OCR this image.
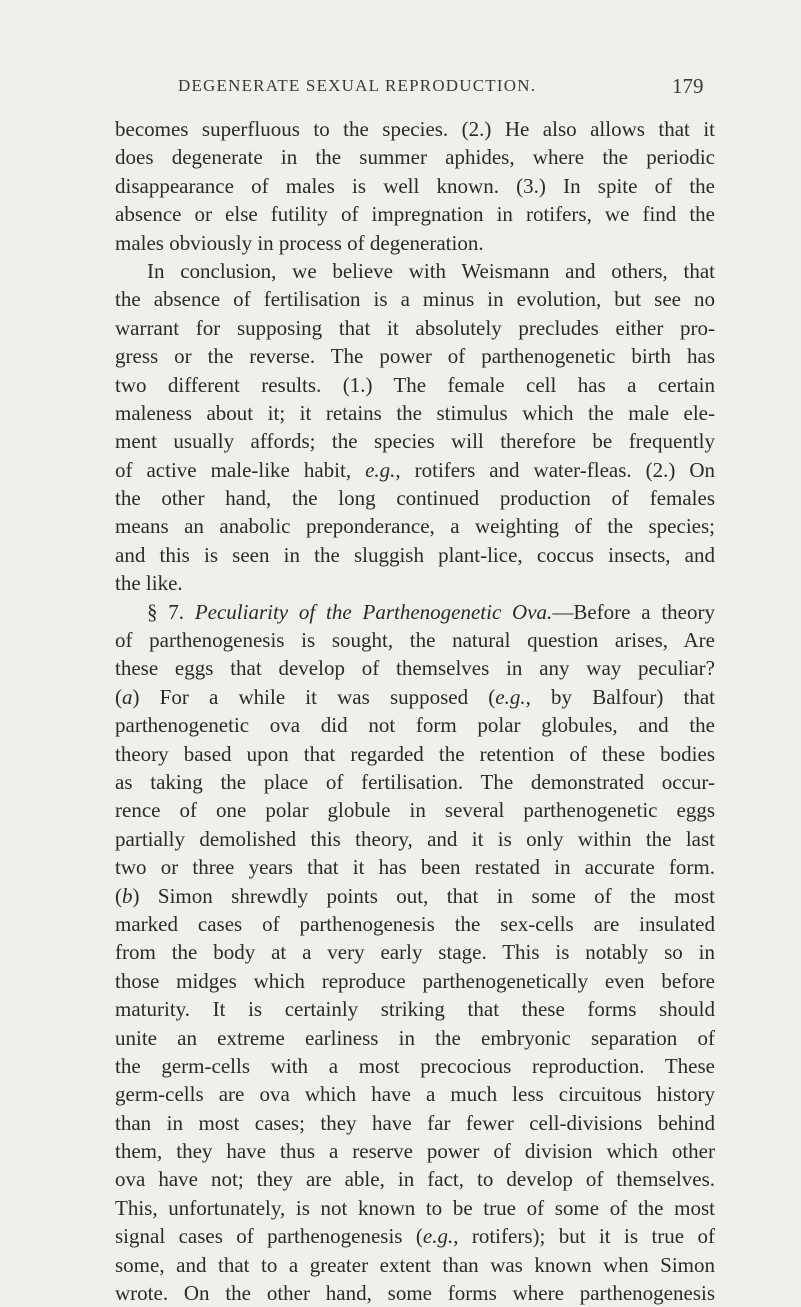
DEGENERATE SEXUAL REPRODUCTION.	179
becomes superfluous to the species. (2.) He also allows that it
does degenerate in the summer aphides, where the periodic
disappearance of males is well known. (3.) In spite of the
absence or else futility of impregnation in rotifers, we find the
males obviously in process of degeneration.
In conclusion, we believe with Weismann and others, that
the absence of fertilisation is a minus in evolution, but see no
warrant for supposing that it absolutely precludes either pro-
gress or the reverse. The power of parthenogenetic birth has
two different results. (1.) The female cell has a certain
maleness about it; it retains the stimulus which the male ele-
ment usually affords; the species will therefore be frequently
of active male-like habit, e.g., rotifers and water-fleas. (2.) On
the other hand, the long continued production of females
means an anabolic preponderance, a weighting of the species;
and this is seen in the sluggish plant-lice, coccus insects, and
the like.
§ 7. Peculiarity of the Parthenogenetic Ova.—Before a theory
of parthenogenesis is sought, the natural question arises, Are
these eggs that develop of themselves in any way peculiar?
(a) For a while it was supposed (e.g., by Balfour) that
parthenogenetic ova did not form polar globules, and the
theory based upon that regarded the retention of these bodies
as taking the place of fertilisation. The demonstrated occur-
rence of one polar globule in several parthenogenetic eggs
partially demolished this theory, and it is only within the last
two or three years that it has been restated in accurate form.
(b) Simon shrewdly points out, that in some of the most
marked cases of parthenogenesis the sex-cells are insulated
from the body at a very early stage. This is notably so in
those midges which reproduce parthenogenetically even before
maturity. It is certainly striking that these forms should
unite an extreme earliness in the embryonic separation of
the germ-cells with a most precocious reproduction. These
germ-cells are ova which have a much less circuitous history
than in most cases; they have far fewer cell-divisions behind
them, they have thus a reserve power of division which other
ova have not; they are able, in fact, to develop of themselves.
This, unfortunately, is not known to be true of some of the most
signal cases of parthenogenesis (e.g., rotifers); but it is true of
some, and that to a greater extent than was known when Simon
wrote. On the other hand, some forms where parthenogenesis
